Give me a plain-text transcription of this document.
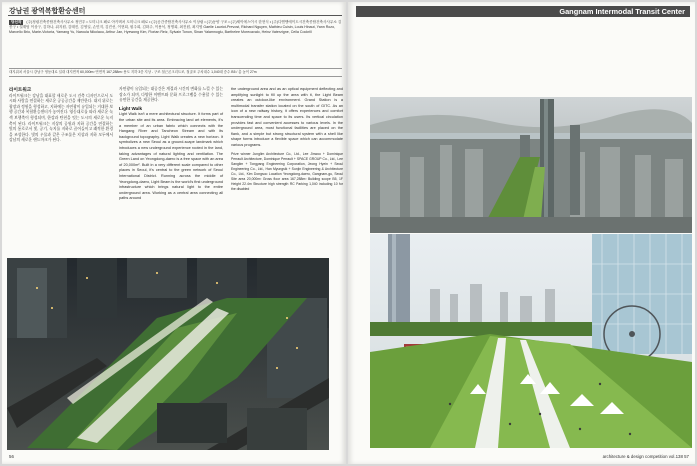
강남권 광역복합환승센터
당선작 (주)정림건축종합건축사사무소 정민우 • 도미니크 페로 아키텍처 도미니크 페로 • (주)공간종합건축사사무소 이상림 • (주)동양 구조 • (주)제이에스이시 한현식 • (주)디엔엔에이도시건축종합건축사사무소 김종구 • 설계팀 이상구, 김하나, 위지원, 김태진, 김영일, 손민지, 김진선, 이현희, 원주희, 김화주, 이용석, 정명희, 최진원, 최지영 Gaelle Lauriot-Prevost, Richard Nguyen, Mathieu Cuisin, Louis Hinaut, Yann Rozo, Marcello Brio, Marie-Victoria, Yamang Yu, Naroula Nikolaou, Arthur Jan, Hyewong Kim, Florian Reiz, Sylvain Tonon, Sinan Yalamnoglu, Barthelee Morecavalo, Heinz Vaterzigne, Ceila Cockrill
대지위치 서울시 강남구 영동대로 일대 대지면적 60,000m² 연면적 167,288m² 용도 지하 3층 지상 - 구조 철근콘크리트조, 철골조 주차대수 1,040대 층수 B5 / 총 높이 27m
라이트워크
라이트워크는 강남을 대표할 새로운 도시 건축 디자인으로서 도시와 사람을 연결하는 새로운 공공공간을 제안한다. 대지 위로는 광장과 정원을 형성하고, 지하에는 자연광이 유입되는 거대한 보행 공간과 복합환승센터가 놓여진다. 영동대로를 따라 새로운 녹색 보행축이 형성되며, 한강과 탄천을 잇는 도시의 새로운 녹지축이 된다. 라이트워크는 지상의 공원과 지하 공간을 연결하는 빛의 통로로서 빛, 공기, 녹지를 지하로 끌어들이고 쾌적한 환경을 조성한다. 빛의 우물과 같은 구조물은 지상과 지하 모두에서 강남의 새로운 랜드마크가 된다.
자연광이 유입되는 대공간은 계절과 시간의 변화를 느낄 수 있는 장소가 되며, 다양한 이벤트와 문화 프로그램을 수용할 수 있는 유연한 공간을 제공한다.
Light Walk
Light Walk isn't a mere architectural structure. It forms part of the urban site and its area. Embracing land art elements, it's a member of an urban fabric which connects with the Hangang River and Tancheon Stream and with its background topography. Light Walk creates a new horizon. It symbolizes a new Seoul as a ground-scape landmark which introduces a new underground experience rooted in the land, taking advantages of natural lighting and ventilation. The Green Land on Yeongdong-daero is a free space with an area of 20,000m². Built in a very different scale compared to other places in Seoul, it's central to the green network of Seoul International District. Running across the middle of Yeongdong-daero, Light Beam is the world's first underground infrastructure which brings natural light to the entire underground area. Working as a central area connecting all paths around
the underground area and as an optical equipment deflecting and amplifying sunlight to fill up the area with it, the Light Beam creates an outdoor-like environment. Grand Station is a multimodal transfer station located on the south of GITC. As an icon of a new railway history, it offers experiences and comfort transcending time and space to its users. Its vertical circulation provides fast and convenient accesses to various levels. In the underground area, most functional facilities are placed on the flank, and a simple but strong structural system with a shell like shape forms introduce a flexible space which can accommodate various programs.
Prize winner Junglim Architecture Co., Ltd., Lee Jinwoo + Dominique Perrault Architecture, Dominique Perrault + SPACE GROUP Co., Ltd., Lee Sanglim + Tongyang Engineering Corporation, Jeong Hyein + Seoul Engineering Co., Ltd., Han Myungsik + Sunjin Engineering & Architecture Co., Ltd., Kim Dongsoo Location Yeongdong-daero, Gangnam-gu, Seoul Site area 20,000m² Gross floor area 167,288m² Building scope B5, 1F Height 22.4m Structure high strength RC Parking 1,040 including 10 for the disabled
56
Gangnam Intermodal Transit Center
architecture & design competition vol.138 57
